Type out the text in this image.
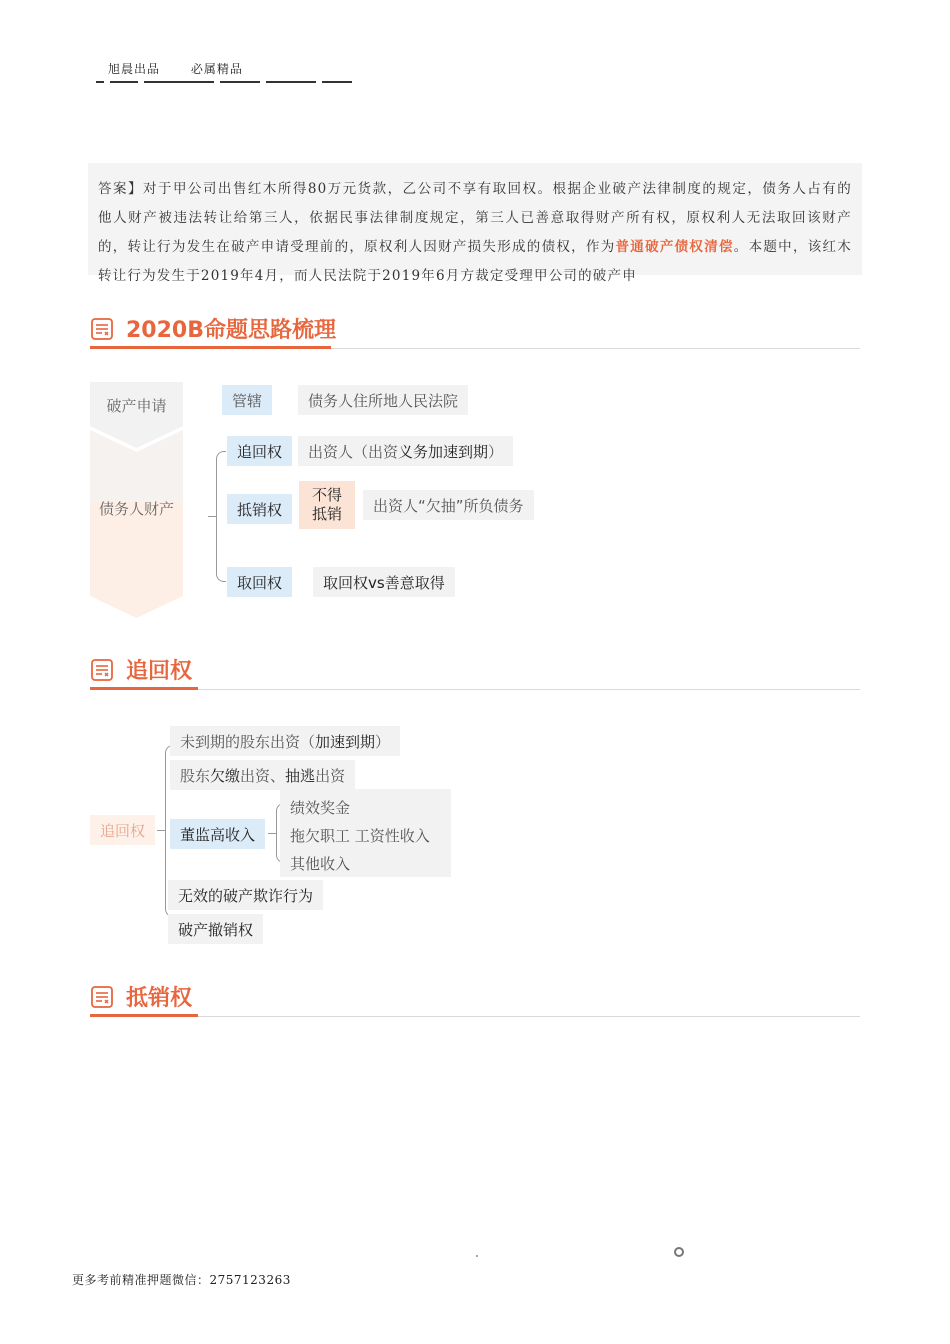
旭晨出品	必属精品

答案】对于甲公司出售红木所得80万元货款，乙公司不享有取回权。根据企业破产法律制度的规定，债务人占有的他人财产被违法转让给第三人，依据民事法律制度规定，第三人已善意取得财产所有权，原权利人无法取回该财产的，转让行为发生在破产申请受理前的，原权利人因财产损失形成的债权，作为普通破产债权清偿。本题中，该红木转让行为发生于2019年4月，而人民法院于2019年6月方裁定受理甲公司的破产申

2020B命题思路梳理
破产申请
债务人财产
管辖	债务人住所地人民法院
追回权	出资人（出资 义务加速到期 ）
抵销权
不得
抵销	出资人“欠抽”所负债务
取回权	取回权vs善意取得
追回权
追回权
未到期的股东出资（ 加速到期 ）
股东 欠缴 出资、 抽逃 出资
董监高收入
绩效奖金
拖欠职工 工资性收入
其他收入
无效的破产欺诈行为
破产撤销权
抵销权
更多考前精准押题微信：2757123263
